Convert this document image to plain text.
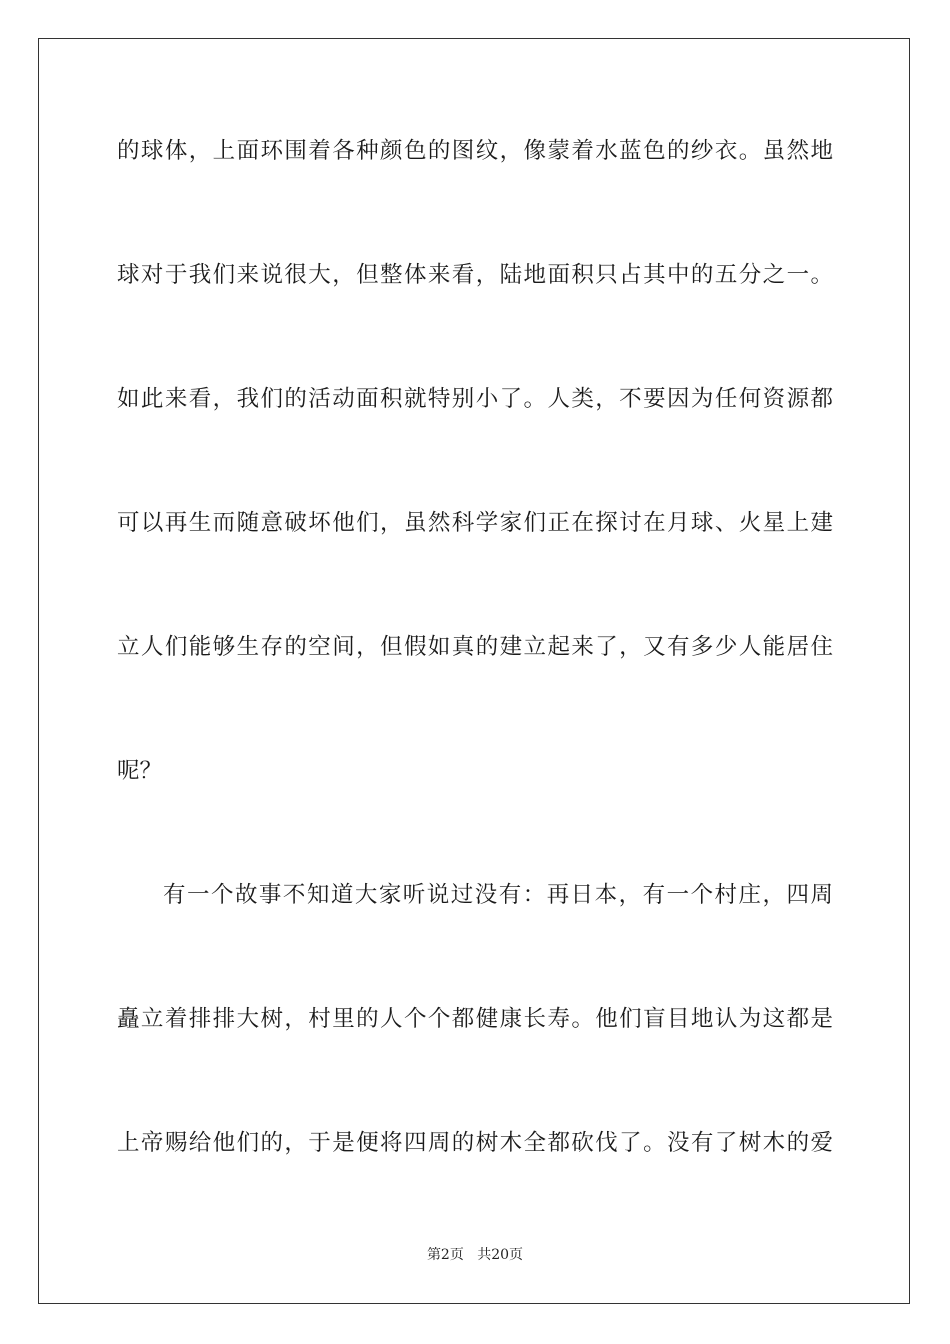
的球体，上面环围着各种颜色的图纹，像蒙着水蓝色的纱衣。虽然地
球对于我们来说很大，但整体来看，陆地面积只占其中的五分之一。
如此来看，我们的活动面积就特别小了。人类，不要因为任何资源都
可以再生而随意破坏他们，虽然科学家们正在探讨在月球、火星上建
立人们能够生存的空间，但假如真的建立起来了，又有多少人能居住
呢？
有一个故事不知道大家听说过没有：再日本，有一个村庄，四周
矗立着排排大树，村里的人个个都健康长寿。他们盲目地认为这都是
上帝赐给他们的，于是便将四周的树木全都砍伐了。没有了树木的爱
第2页 共20页
